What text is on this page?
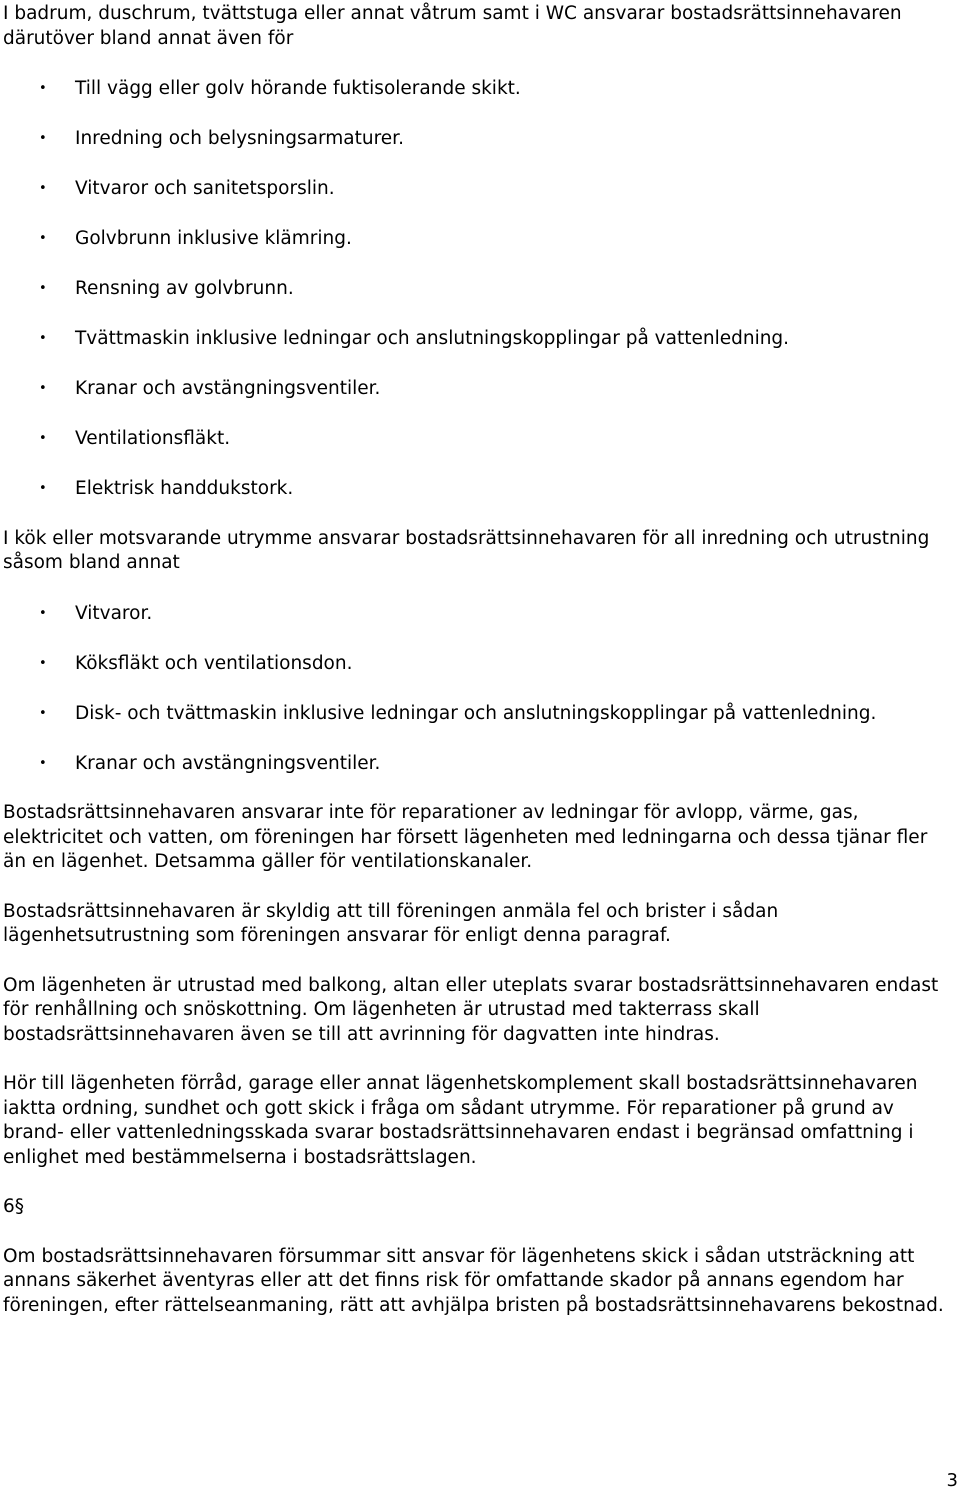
I badrum, duschrum, tvättstuga eller annat våtrum samt i WC ansvarar bostadsrättsinnehavaren därutöver bland annat även för

• Till vägg eller golv hörande fuktisolerande skikt.
• Inredning och belysningsarmaturer.
• Vitvaror och sanitetsporslin.
• Golvbrunn inklusive klämring.
• Rensning av golvbrunn.
• Tvättmaskin inklusive ledningar och anslutningskopplingar på vattenledning.
• Kranar och avstängningsventiler.
• Ventilationsfläkt.
• Elektrisk handdukstork.

I kök eller motsvarande utrymme ansvarar bostadsrättsinnehavaren för all inredning och utrustning såsom bland annat

• Vitvaror.
• Köksfläkt och ventilationsdon.
• Disk- och tvättmaskin inklusive ledningar och anslutningskopplingar på vattenledning.
• Kranar och avstängningsventiler.

Bostadsrättsinnehavaren ansvarar inte för reparationer av ledningar för avlopp, värme, gas, elektricitet och vatten, om föreningen har försett lägenheten med ledningarna och dessa tjänar fler än en lägenhet. Detsamma gäller för ventilationskanaler.

Bostadsrättsinnehavaren är skyldig att till föreningen anmäla fel och brister i sådan lägenhetsutrustning som föreningen ansvarar för enligt denna paragraf.

Om lägenheten är utrustad med balkong, altan eller uteplats svarar bostadsrättsinnehavaren endast för renhållning och snöskottning. Om lägenheten är utrustad med takterrass skall bostadsrättsinnehavaren även se till att avrinning för dagvatten inte hindras.

Hör till lägenheten förråd, garage eller annat lägenhetskomplement skall bostadsrättsinnehavaren iaktta ordning, sundhet och gott skick i fråga om sådant utrymme. För reparationer på grund av brand- eller vattenledningsskada svarar bostadsrättsinnehavaren endast i begränsad omfattning i enlighet med bestämmelserna i bostadsrättslagen.

6§

Om bostadsrättsinnehavaren försummar sitt ansvar för lägenhetens skick i sådan utsträckning att annans säkerhet äventyras eller att det finns risk för omfattande skador på annans egendom har föreningen, efter rättelseanmaning, rätt att avhjälpa bristen på bostadsrättsinnehavarens bekostnad.

3
